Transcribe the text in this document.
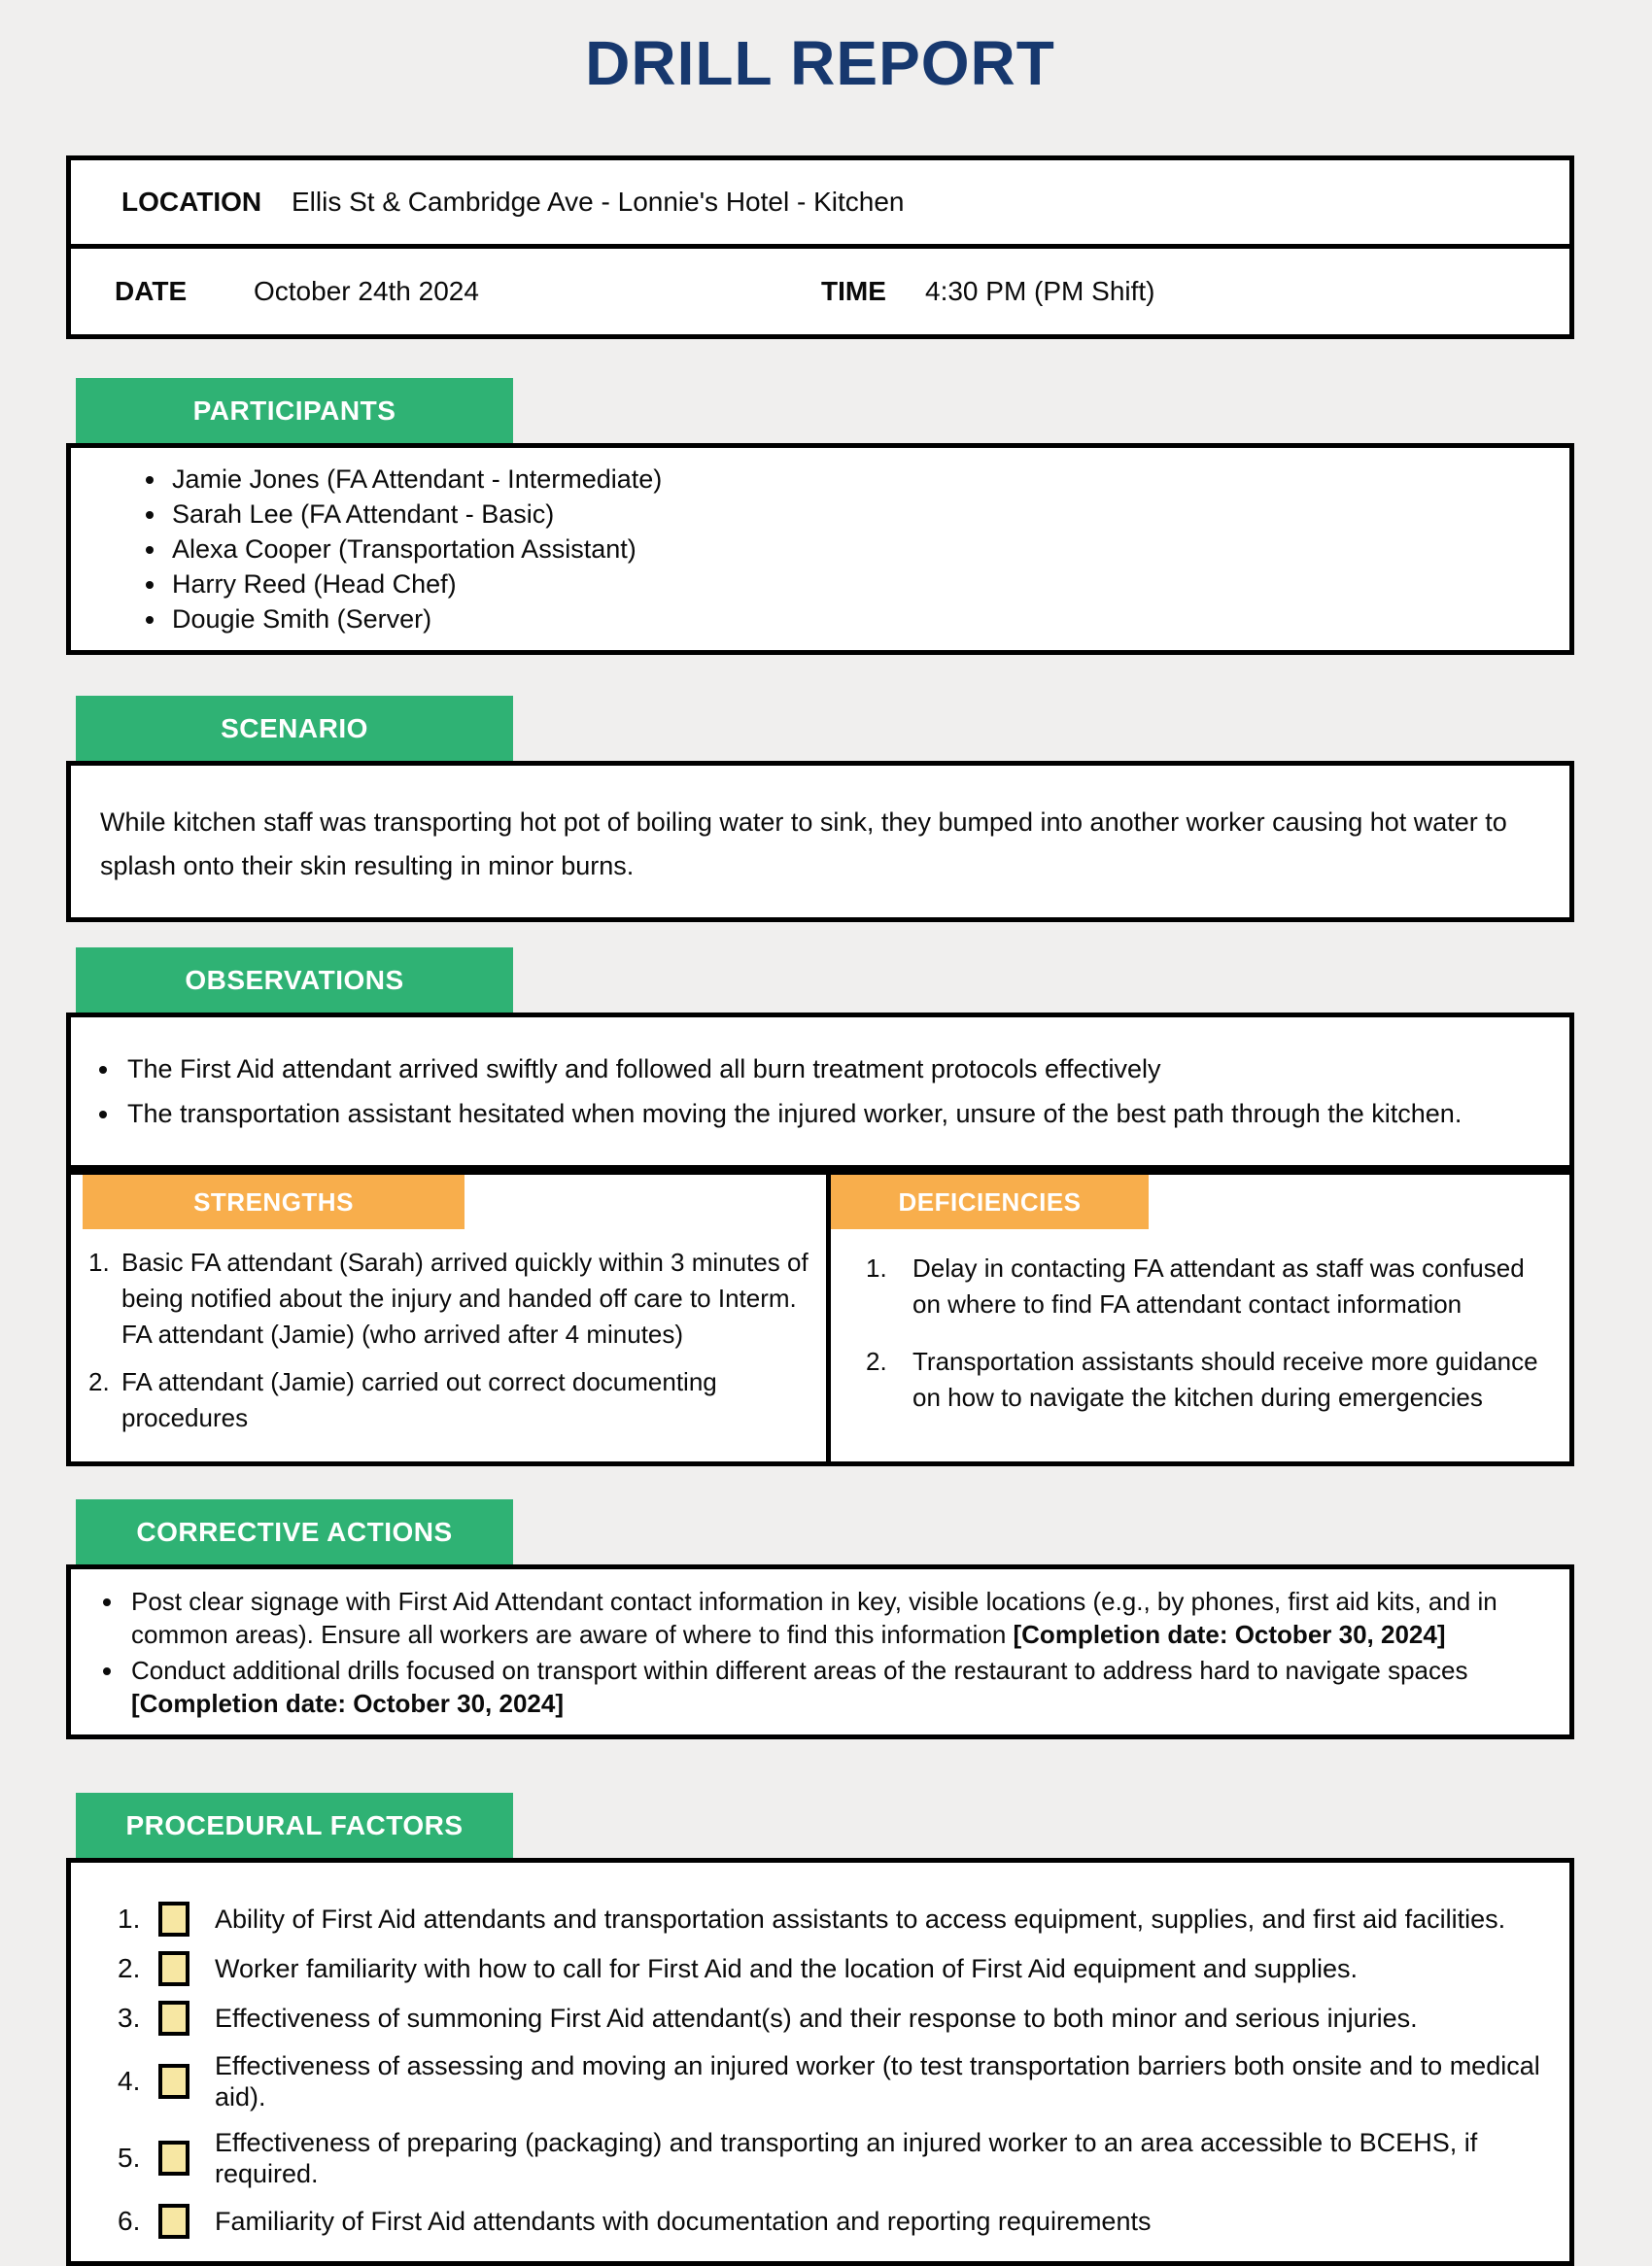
DRILL REPORT
LOCATION	Ellis St & Cambridge Ave - Lonnie's Hotel - Kitchen
DATE	October 24th 2024	TIME	4:30 PM (PM Shift)
PARTICIPANTS
• Jamie Jones (FA Attendant - Intermediate)
• Sarah Lee (FA Attendant - Basic)
• Alexa Cooper (Transportation Assistant)
• Harry Reed (Head Chef)
• Dougie Smith (Server)
SCENARIO

While kitchen staff was transporting hot pot of boiling water to sink, they bumped into another worker causing hot water to splash onto their skin resulting in minor burns.

OBSERVATIONS
• The First Aid attendant arrived swiftly and followed all burn treatment protocols effectively
• The transportation assistant hesitated when moving the injured worker, unsure of the best path through the kitchen.
STRENGTHS
1. Basic FA attendant (Sarah) arrived quickly within 3 minutes of being notified about the injury and handed off care to Interm. FA attendant (Jamie) (who arrived after 4 minutes)
2. FA attendant (Jamie) carried out correct documenting procedures
DEFICIENCIES
1.	Delay in contacting FA attendant as staff was confused on where to find FA attendant contact information
2.	Transportation assistants should receive more guidance on how to navigate the kitchen during emergencies
CORRECTIVE ACTIONS
• Post clear signage with First Aid Attendant contact information in key, visible locations (e.g., by phones, first aid kits, and in common areas). Ensure all workers are aware of where to find this information [Completion date: October 30, 2024]
• Conduct additional drills focused on transport within different areas of the restaurant to address hard to navigate spaces [Completion date: October 30, 2024]
PROCEDURAL FACTORS
1.	Ability of First Aid attendants and transportation assistants to access equipment, supplies, and first aid facilities.
2.	Worker familiarity with how to call for First Aid and the location of First Aid equipment and supplies.
3.	Effectiveness of summoning First Aid attendant(s) and their response to both minor and serious injuries.
4.	Effectiveness of assessing and moving an injured worker (to test transportation barriers both onsite and to medical aid).
5.	Effectiveness of preparing (packaging) and transporting an injured worker to an area accessible to BCEHS, if required.
6.	Familiarity of First Aid attendants with documentation and reporting requirements
